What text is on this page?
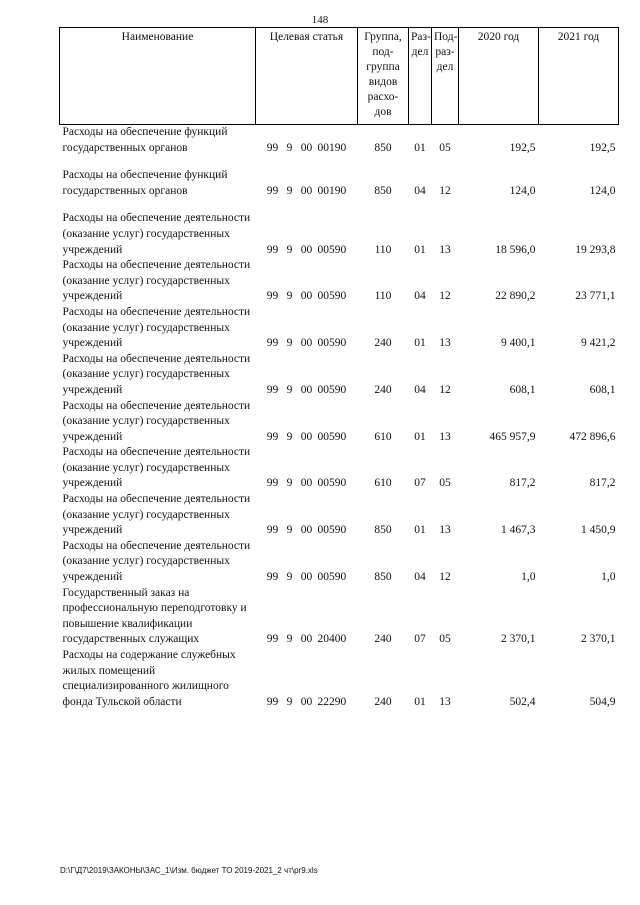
148
Наименование	Целевая статья	Группа, под-группа видов расхо-дов	Раз-дел	Под-раз-дел	2020 год	2021 год
Расходы на обеспечение функций государственных органов	99 9 00 00190	850	01	05	192,5	192,5

Расходы на обеспечение функций государственных органов	99 9 00 00190	850	04	12	124,0	124,0

Расходы на обеспечение деятельности (оказание услуг) государственных учреждений	99 9 00 00590	110	01	13	18 596,0	19 293,8
Расходы на обеспечение деятельности (оказание услуг) государственных учреждений	99 9 00 00590	110	04	12	22 890,2	23 771,1
Расходы на обеспечение деятельности (оказание услуг) государственных учреждений	99 9 00 00590	240	01	13	9 400,1	9 421,2
Расходы на обеспечение деятельности (оказание услуг) государственных учреждений	99 9 00 00590	240	04	12	608,1	608,1
Расходы на обеспечение деятельности (оказание услуг) государственных учреждений	99 9 00 00590	610	01	13	465 957,9	472 896,6
Расходы на обеспечение деятельности (оказание услуг) государственных учреждений	99 9 00 00590	610	07	05	817,2	817,2
Расходы на обеспечение деятельности (оказание услуг) государственных учреждений	99 9 00 00590	850	01	13	1 467,3	1 450,9
Расходы на обеспечение деятельности (оказание услуг) государственных учреждений	99 9 00 00590	850	04	12	1,0	1,0
Государственный заказ на профессиональную переподготовку и повышение квалификации государственных служащих	99 9 00 20400	240	07	05	2 370,1	2 370,1
Расходы на содержание служебных жилых помещений специализированного жилищного фонда Тульской области	99 9 00 22290	240	01	13	502,4	504,9
D:\Г\Д7\2019\ЗАКОНЫ\ЗАС_1\Изм. бюджет ТО 2019-2021_2 чт\pr9.xls
